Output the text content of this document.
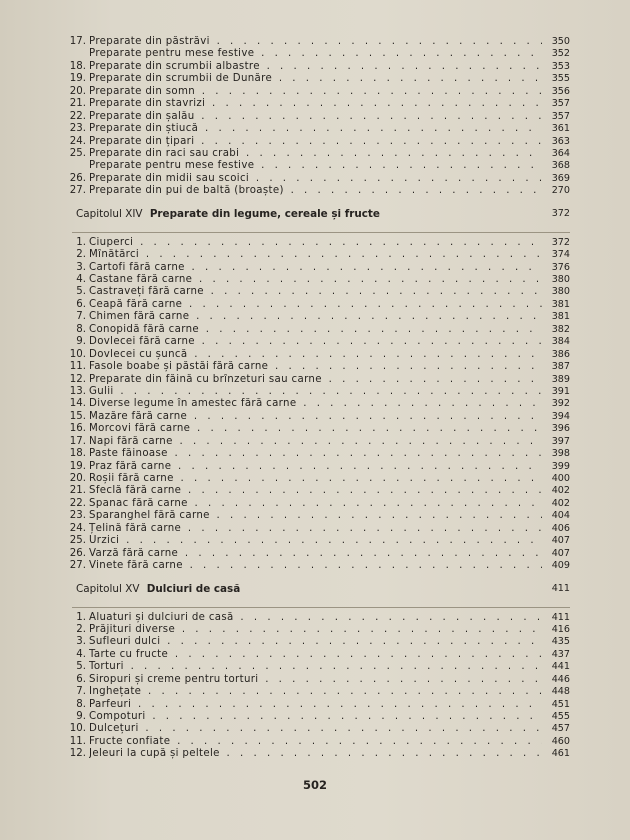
17. Preparate din păstrăvi . . .	350
Preparate pentru mese festive . . .	352
18. Preparate din scrumbii albastre . . .	353
19. Preparate din scrumbii de Dunăre . . .	355
20. Preparate din somn . . .	356
21. Preparate din stavrizi . . .	357
22. Preparate din șalău . . .	357
23. Preparate din știucă . . .	361
24. Preparate din țipari . . .	363
25. Preparate din raci sau crabi . . .	364
Preparate pentru mese festive . . .	368
26. Preparate din midii sau scoici . . .	369
27. Preparate din pui de baltă (broaște) . . .	270
Capitolul XIV Preparate din legume, cereale și fructe	372
1. Ciuperci . . .	372
2. Mînătărci . . .	374
3. Cartofi fără carne . . .	376
4. Castane fără carne . . .	380
5. Castraveți fără carne . . .	380
6. Ceapă fără carne . . .	381
7. Chimen fără carne . . .	381
8. Conopidă fără carne . . .	382
9. Dovlecei fără carne . . .	384
10. Dovlecei cu șuncă . . .	386
11. Fasole boabe și păstăi fără carne . . .	387
12. Preparate din făină cu brînzeturi sau carne . . .	389
13. Gulii . . .	391
14. Diverse legume în amestec fără carne . . .	392
15. Mazăre fără carne . . .	394
16. Morcovi fără carne . . .	396
17. Napi fără carne . . .	397
18. Paste făinoase . . .	398
19. Praz fără carne . . .	399
20. Roșii fără carne . . .	400
21. Sfeclă fără carne . . .	402
22. Spanac fără carne . . .	402
23. Sparanghel fără carne . . .	404
24. Țelină fără carne . . .	406
25. Urzici . . .	407
26. Varză fără carne . . .	407
27. Vinete fără carne . . .	409
Capitolul XV Dulciuri de casă	411
1. Aluaturi și dulciuri de casă . . .	411
2. Prăjituri diverse . . .	416
3. Sufleuri dulci . . .	435
4. Tarte cu fructe . . .	437
5. Torturi . . .	441
6. Siropuri și creme pentru torturi . . .	446
7. Înghețate . . .	448
8. Parfeuri . . .	451
9. Compoturi . . .	455
10. Dulcețuri . . .	457
11. Fructe confiate . . .	460
12. Jeleuri la cupă și peltele . . .	461
502
